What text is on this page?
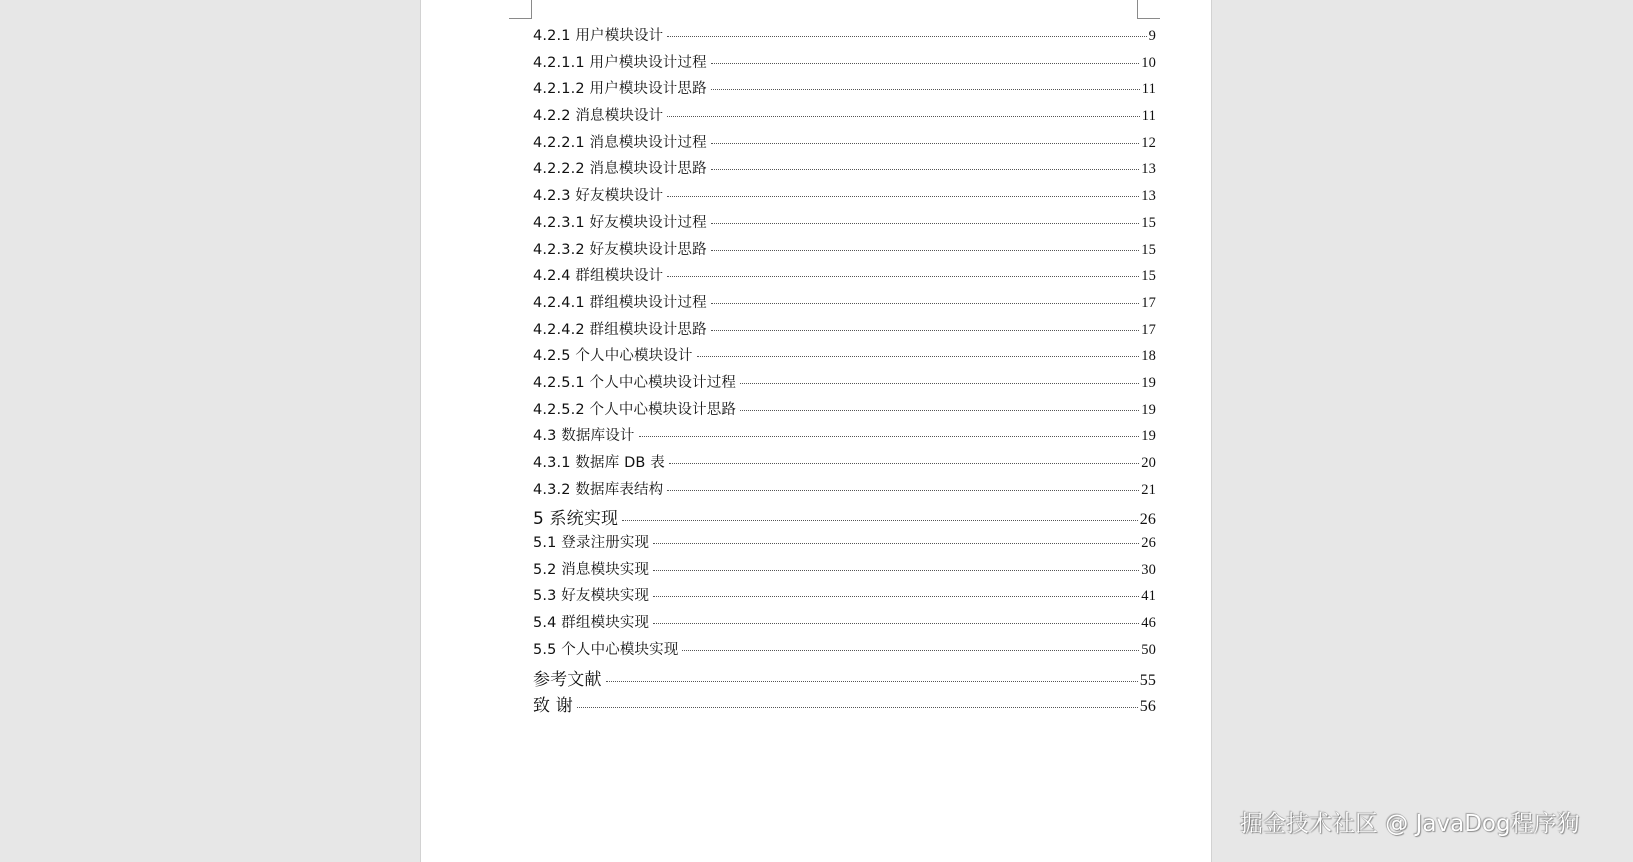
4.2.1 用户模块设计	9
4.2.1.1 用户模块设计过程	10
4.2.1.2 用户模块设计思路	11
4.2.2 消息模块设计	11
4.2.2.1 消息模块设计过程	12
4.2.2.2 消息模块设计思路	13
4.2.3 好友模块设计	13
4.2.3.1 好友模块设计过程	15
4.2.3.2 好友模块设计思路	15
4.2.4 群组模块设计	15
4.2.4.1 群组模块设计过程	17
4.2.4.2 群组模块设计思路	17
4.2.5 个人中心模块设计	18
4.2.5.1 个人中心模块设计过程	19
4.2.5.2 个人中心模块设计思路	19
4.3 数据库设计	19
4.3.1 数据库 DB 表	20
4.3.2 数据库表结构	21
5 系统实现	26
5.1 登录注册实现	26
5.2 消息模块实现	30
5.3 好友模块实现	41
5.4 群组模块实现	46
5.5 个人中心模块实现	50
参考文献	55
致 谢	56
掘金技术社区 @ JavaDog程序狗
